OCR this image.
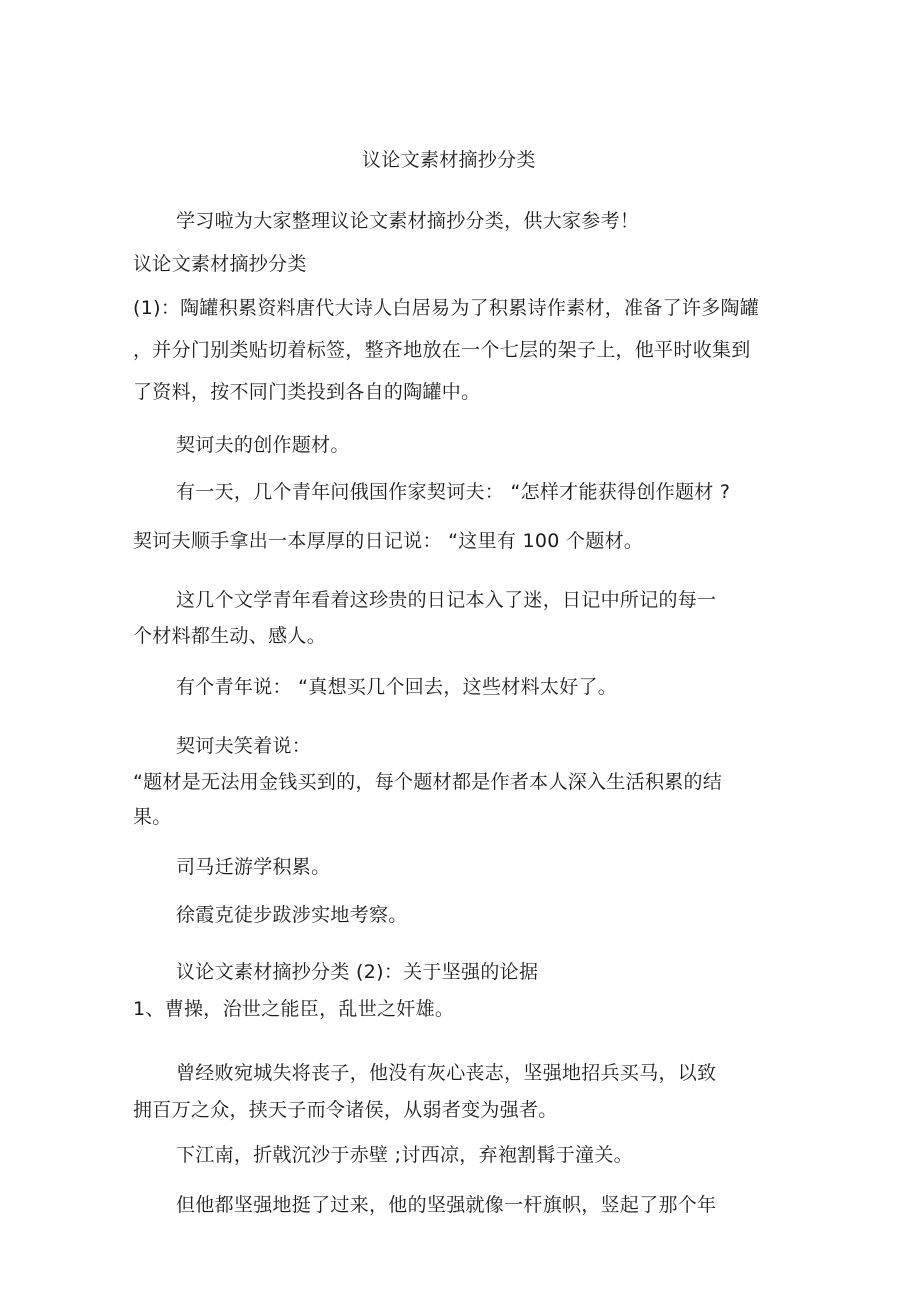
议论文素材摘抄分类
学习啦为大家整理议论文素材摘抄分类，供大家参考！
议论文素材摘抄分类
(1)：陶罐积累资料唐代大诗人白居易为了积累诗作素材，准备了许多陶罐
，并分门别类贴切着标签，整齐地放在一个七层的架子上，他平时收集到
了资料，按不同门类投到各自的陶罐中。
契诃夫的创作题材。
有一天，几个青年问俄国作家契诃夫： “怎样才能获得创作题材 ?
契诃夫顺手拿出一本厚厚的日记说： “这里有 100 个题材。
这几个文学青年看着这珍贵的日记本入了迷，日记中所记的每一
个材料都生动、感人。
有个青年说： “真想买几个回去，这些材料太好了。
契诃夫笑着说：
“题材是无法用金钱买到的，每个题材都是作者本人深入生活积累的结
果。
司马迁游学积累。
徐霞克徒步跋涉实地考察。
议论文素材摘抄分类 (2)：关于坚强的论据
1、曹操，治世之能臣，乱世之奸雄。
曾经败宛城失将丧子，他没有灰心丧志，坚强地招兵买马，以致
拥百万之众，挟天子而令诸侯，从弱者变为强者。
下江南，折戟沉沙于赤壁 ;讨西凉，弃袍割髯于潼关。
但他都坚强地挺了过来，他的坚强就像一杆旗帜，竖起了那个年
